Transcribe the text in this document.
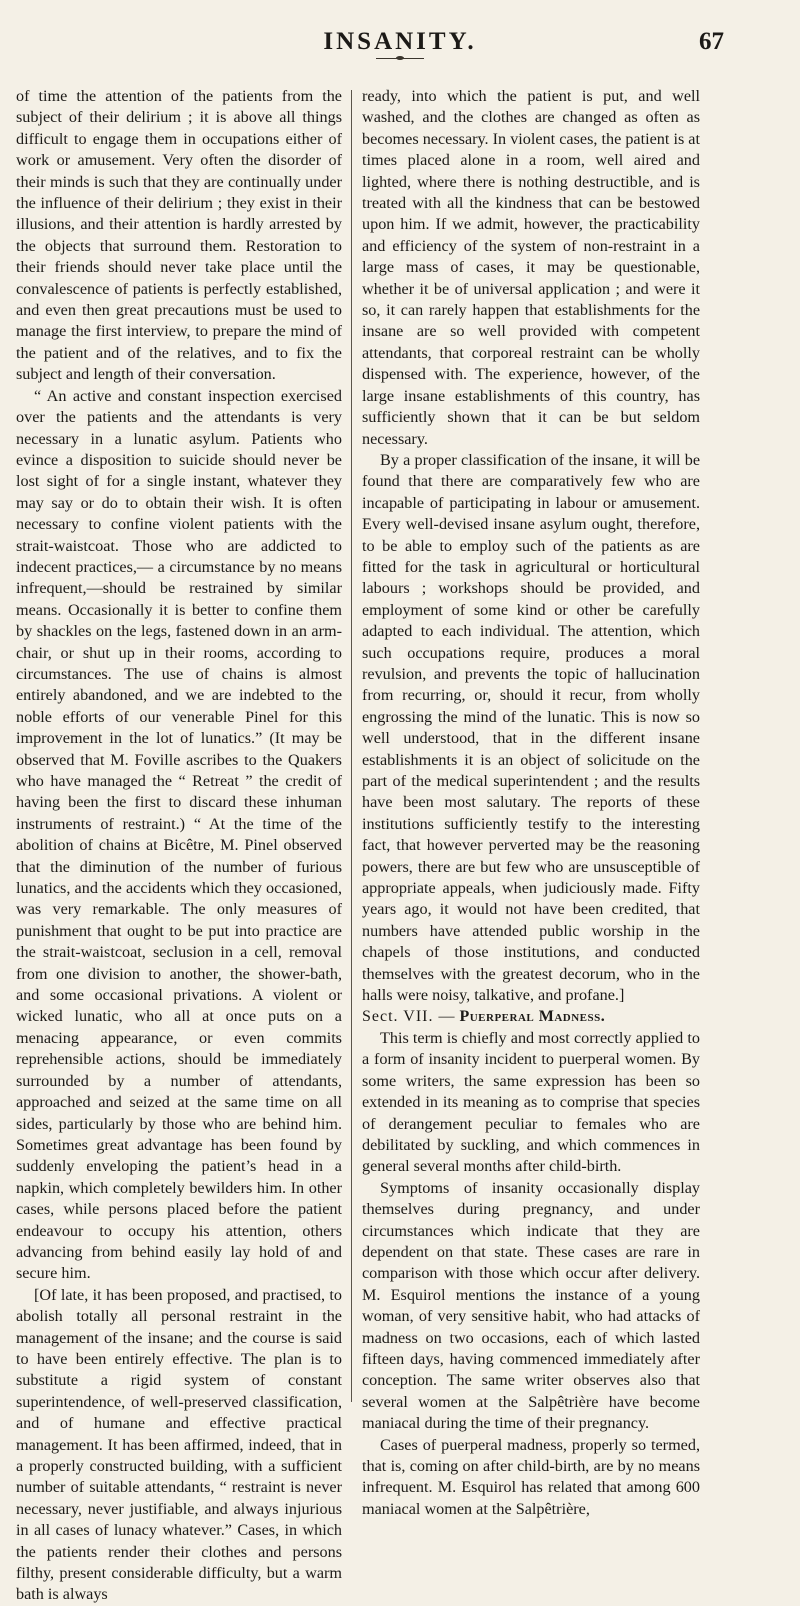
INSANITY.	67

of time the attention of the patients from the subject of their delirium ; it is above all things difficult to engage them in occupations either of work or amusement. Very often the disorder of their minds is such that they are continually under the influence of their delirium ; they exist in their illusions, and their attention is hardly arrested by the objects that surround them. Restoration to their friends should never take place until the convalescence of patients is perfectly established, and even then great precautions must be used to manage the first interview, to prepare the mind of the patient and of the relatives, and to fix the subject and length of their conversation.

“ An active and constant inspection exercised over the patients and the attendants is very necessary in a lunatic asylum. Patients who evince a disposition to suicide should never be lost sight of for a single instant, whatever they may say or do to obtain their wish. It is often necessary to confine violent patients with the strait-waistcoat. Those who are addicted to indecent practices,— a circumstance by no means infrequent,—should be restrained by similar means. Occasionally it is better to confine them by shackles on the legs, fastened down in an arm-chair, or shut up in their rooms, according to circumstances. The use of chains is almost entirely abandoned, and we are indebted to the noble efforts of our venerable Pinel for this improvement in the lot of lunatics.” (It may be observed that M. Foville ascribes to the Quakers who have managed the “ Retreat ” the credit of having been the first to discard these inhuman instruments of restraint.) “ At the time of the abolition of chains at Bicêtre, M. Pinel observed that the diminution of the number of furious lunatics, and the accidents which they occasioned, was very remarkable. The only measures of punishment that ought to be put into practice are the strait-waistcoat, seclusion in a cell, removal from one division to another, the shower-bath, and some occasional privations. A violent or wicked lunatic, who all at once puts on a menacing appearance, or even commits reprehensible actions, should be immediately surrounded by a number of attendants, approached and seized at the same time on all sides, particularly by those who are behind him. Sometimes great advantage has been found by suddenly enveloping the patient’s head in a napkin, which completely bewilders him. In other cases, while persons placed before the patient endeavour to occupy his attention, others advancing from behind easily lay hold of and secure him.

[Of late, it has been proposed, and practised, to abolish totally all personal restraint in the management of the insane; and the course is said to have been entirely effective. The plan is to substitute a rigid system of constant superintendence, of well-preserved classification, and of humane and effective practical management. It has been affirmed, indeed, that in a properly constructed building, with a sufficient number of suitable attendants, “ restraint is never necessary, never justifiable, and always injurious in all cases of lunacy whatever.” Cases, in which the patients render their clothes and persons filthy, present considerable difficulty, but a warm bath is always

ready, into which the patient is put, and well washed, and the clothes are changed as often as becomes necessary. In violent cases, the patient is at times placed alone in a room, well aired and lighted, where there is nothing destructible, and is treated with all the kindness that can be bestowed upon him. If we admit, however, the practicability and efficiency of the system of non-restraint in a large mass of cases, it may be questionable, whether it be of universal application ; and were it so, it can rarely happen that establishments for the insane are so well provided with competent attendants, that corporeal restraint can be wholly dispensed with. The experience, however, of the large insane establishments of this country, has sufficiently shown that it can be but seldom necessary.

By a proper classification of the insane, it will be found that there are comparatively few who are incapable of participating in labour or amusement. Every well-devised insane asylum ought, therefore, to be able to employ such of the patients as are fitted for the task in agricultural or horticultural labours ; workshops should be provided, and employment of some kind or other be carefully adapted to each individual. The attention, which such occupations require, produces a moral revulsion, and prevents the topic of hallucination from recurring, or, should it recur, from wholly engrossing the mind of the lunatic. This is now so well understood, that in the different insane establishments it is an object of solicitude on the part of the medical superintendent ; and the results have been most salutary. The reports of these institutions sufficiently testify to the interesting fact, that however perverted may be the reasoning powers, there are but few who are unsusceptible of appropriate appeals, when judiciously made. Fifty years ago, it would not have been credited, that numbers have attended public worship in the chapels of those institutions, and conducted themselves with the greatest decorum, who in the halls were noisy, talkative, and profane.]

Sect. VII. — Puerperal Madness.

This term is chiefly and most correctly applied to a form of insanity incident to puerperal women. By some writers, the same expression has been so extended in its meaning as to comprise that species of derangement peculiar to females who are debilitated by suckling, and which commences in general several months after child-birth.

Symptoms of insanity occasionally display themselves during pregnancy, and under circumstances which indicate that they are dependent on that state. These cases are rare in comparison with those which occur after delivery. M. Esquirol mentions the instance of a young woman, of very sensitive habit, who had attacks of madness on two occasions, each of which lasted fifteen days, having commenced immediately after conception. The same writer observes also that several women at the Salpêtrière have become maniacal during the time of their pregnancy.

Cases of puerperal madness, properly so termed, that is, coming on after child-birth, are by no means infrequent. M. Esquirol has related that among 600 maniacal women at the Salpêtrière,
